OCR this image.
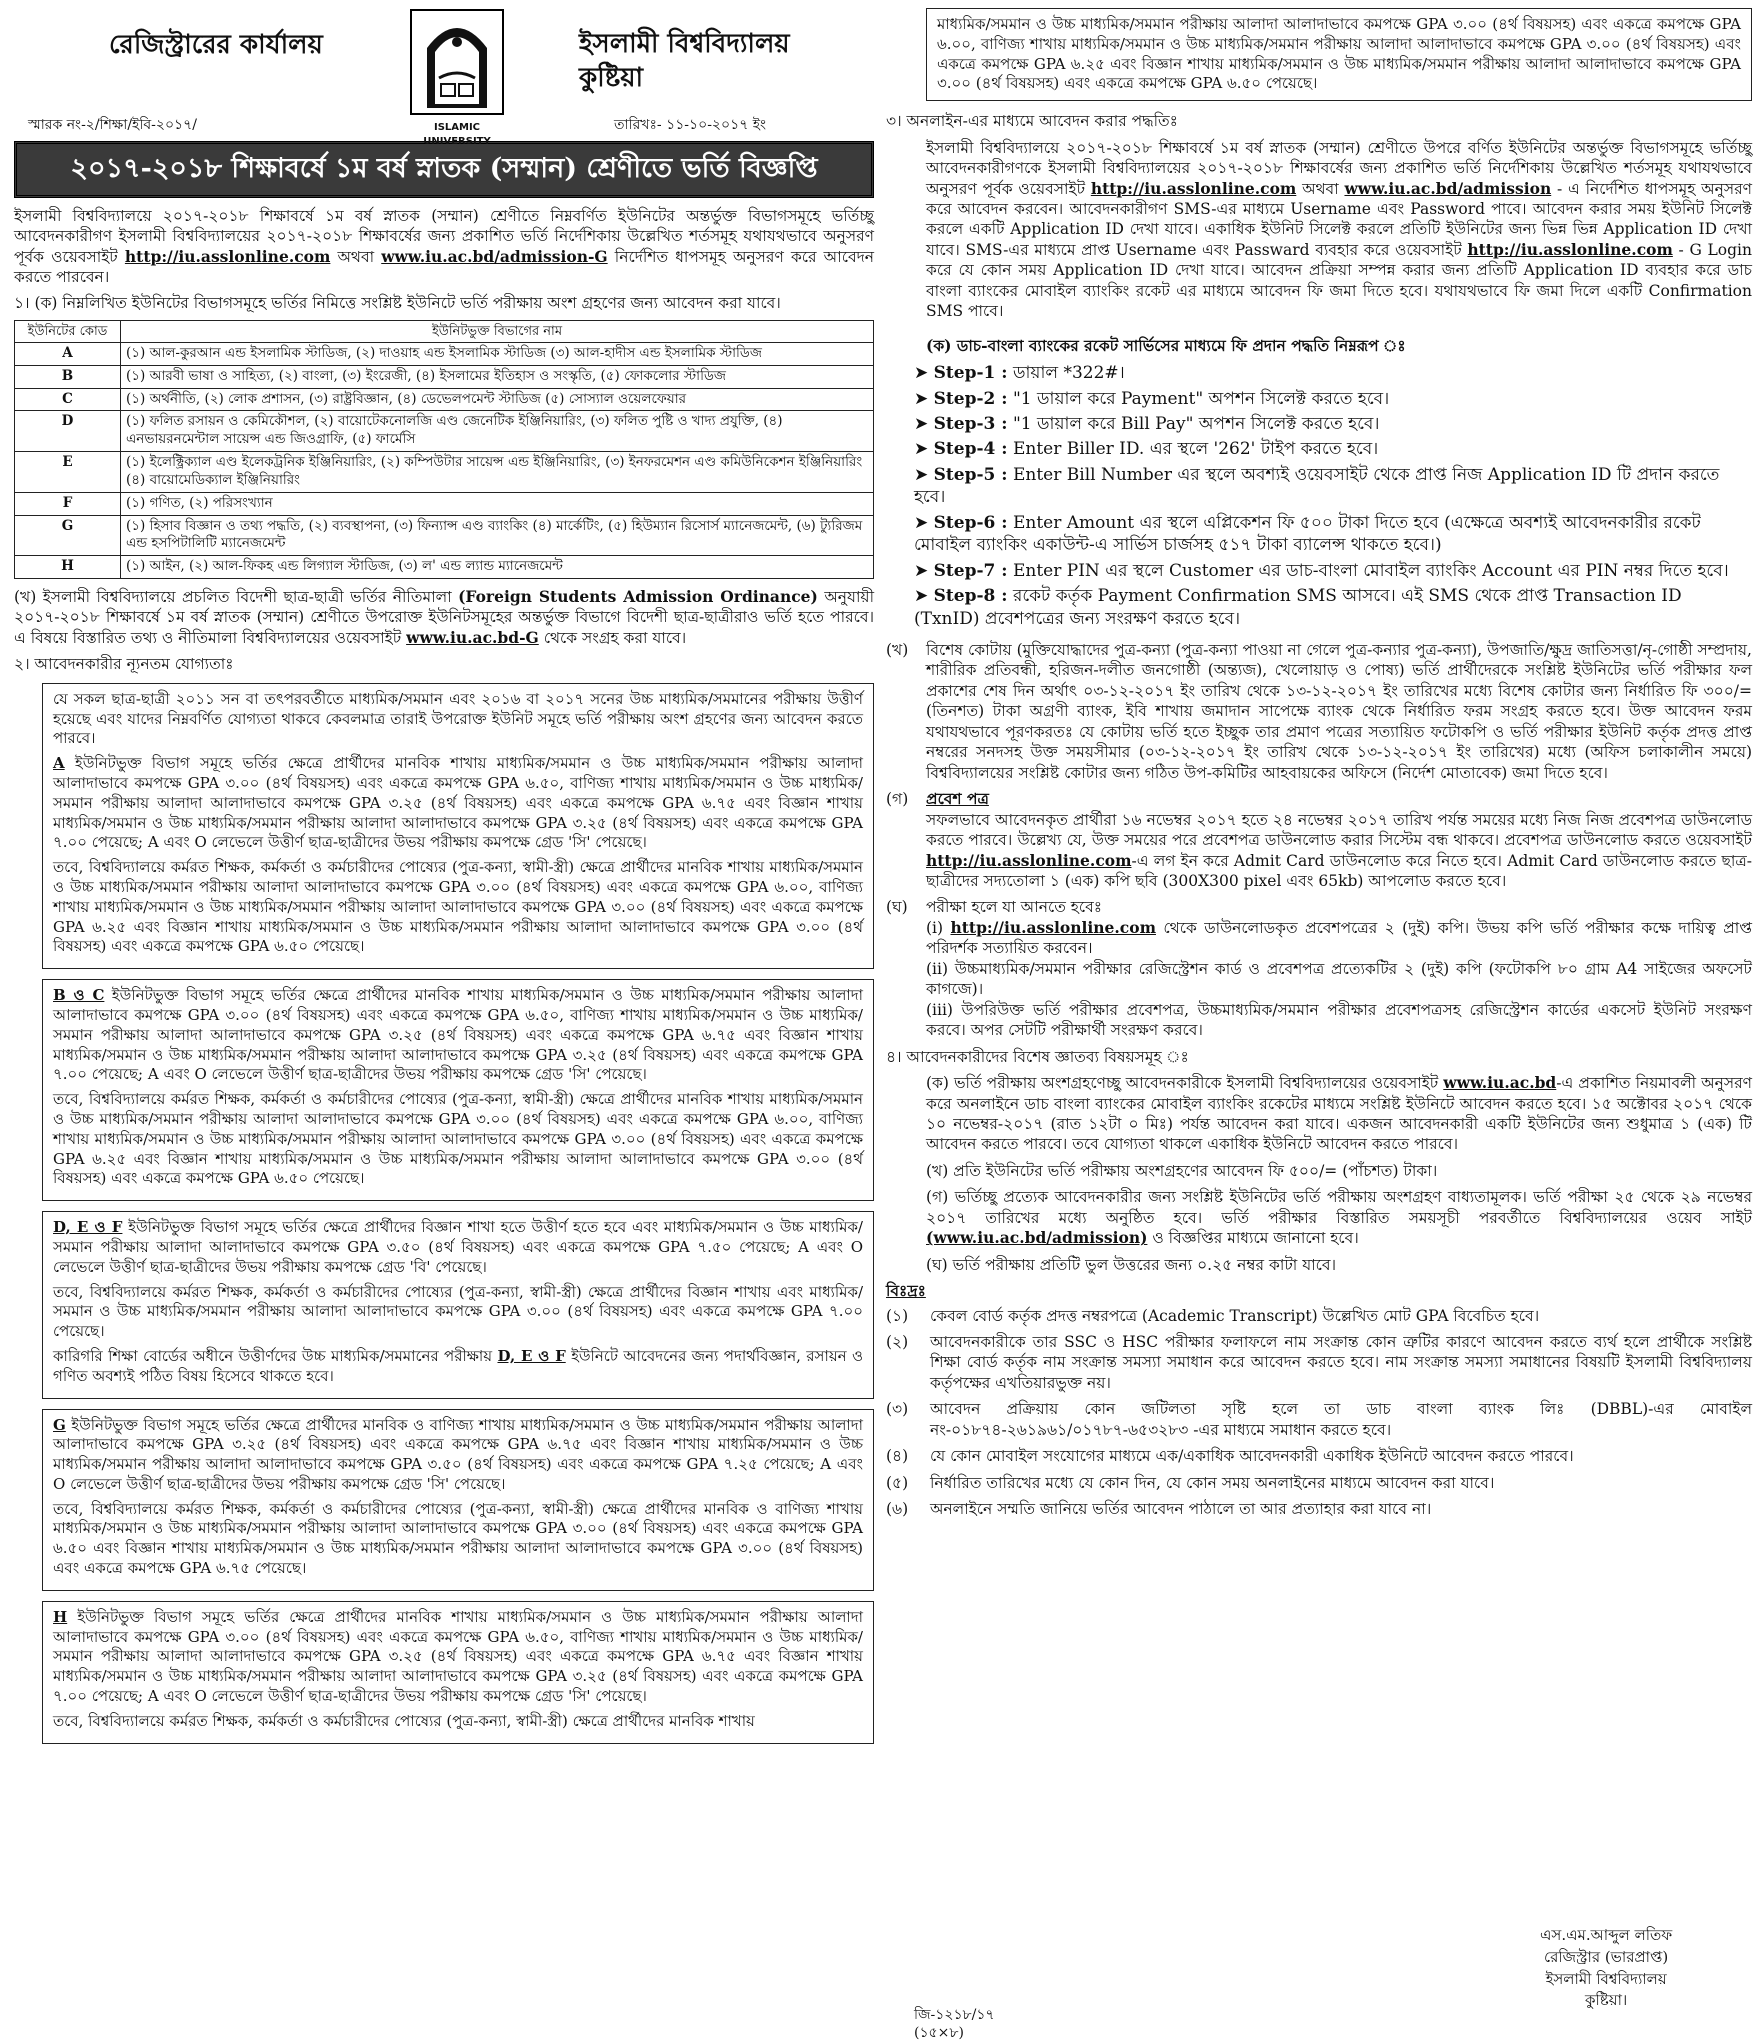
রেজিস্ট্রারের কার্যালয়
ISLAMIC UNIVERSITY
ইসলামী বিশ্ববিদ্যালয়
কুষ্টিয়া
স্মারক নং-২/শিক্ষা/ইবি-২০১৭/	তারিখঃ- ১১-১০-২০১৭ ইং
২০১৭-২০১৮ শিক্ষাবর্ষে ১ম বর্ষ স্নাতক (সম্মান) শ্রেণীতে ভর্তি বিজ্ঞপ্তি

ইসলামী বিশ্ববিদ্যালয়ে ২০১৭-২০১৮ শিক্ষাবর্ষে ১ম বর্ষ স্নাতক (সম্মান) শ্রেণীতে নিম্নবর্ণিত ইউনিটের অন্তর্ভুক্ত বিভাগসমূহে ভর্তিচ্ছু আবেদনকারীগণ ইসলামী বিশ্ববিদ্যালয়ের ২০১৭-২০১৮ শিক্ষাবর্ষের জন্য প্রকাশিত ভর্তি নির্দেশিকায় উল্লেখিত শর্তসমূহ যথাযথভাবে অনুসরণ পূর্বক ওয়েবসাইট http://iu.asslonline.com অথবা www.iu.ac.bd/admission-G নির্দেশিত ধাপসমূহ অনুসরণ করে আবেদন করতে পারবেন।

১। (ক) নিম্নলিখিত ইউনিটের বিভাগসমূহে ভর্তির নিমিত্তে সংশ্লিষ্ট ইউনিটে ভর্তি পরীক্ষায় অংশ গ্রহণের জন্য আবেদন করা যাবে।

ইউনিটের কোড	ইউনিটভুক্ত বিভাগের নাম
A	(১) আল-কুরআন এন্ড ইসলামিক স্টাডিজ, (২) দাওয়াহ এন্ড ইসলামিক স্টাডিজ (৩) আল-হাদীস এন্ড ইসলামিক স্টাডিজ
B	(১) আরবী ভাষা ও সাহিত্য, (২) বাংলা, (৩) ইংরেজী, (৪) ইসলামের ইতিহাস ও সংস্কৃতি, (৫) ফোকলোর স্টাডিজ
C	(১) অর্থনীতি, (২) লোক প্রশাসন, (৩) রাষ্ট্রবিজ্ঞান, (৪) ডেভেলপমেন্ট স্টাডিজ (৫) সোস্যাল ওয়েলফেয়ার
D	(১) ফলিত রসায়ন ও কেমিকৌশল, (২) বায়োটেকনোলজি এণ্ড জেনেটিক ইঞ্জিনিয়ারিং, (৩) ফলিত পুষ্টি ও খাদ্য প্রযুক্তি, (৪) এনভায়রনমেন্টাল সায়েন্স এন্ড জিওগ্রাফি, (৫) ফার্মেসি
E	(১) ইলেক্ট্রিক্যাল এণ্ড ইলেকট্রনিক ইঞ্জিনিয়ারিং, (২) কম্পিউটার সায়েন্স এন্ড ইঞ্জিনিয়ারিং, (৩) ইনফরমেশন এণ্ড কমিউনিকেশন ইঞ্জিনিয়ারিং (৪) বায়োমেডিক্যাল ইঞ্জিনিয়ারিং
F	(১) গণিত, (২) পরিসংখ্যান
G	(১) হিসাব বিজ্ঞান ও তথ্য পদ্ধতি, (২) ব্যবস্থাপনা, (৩) ফিন্যান্স এণ্ড ব্যাংকিং (৪) মার্কেটিং, (৫) হিউম্যান রিসোর্স ম্যানেজমেন্ট, (৬) ট্যুরিজম এন্ড হসপিটালিটি ম্যানেজমেন্ট
H	(১) আইন, (২) আল-ফিকহ এন্ড লিগ্যাল স্টাডিজ, (৩) ল' এন্ড ল্যান্ড ম্যানেজমেন্ট

(খ) ইসলামী বিশ্ববিদ্যালয়ে প্রচলিত বিদেশী ছাত্র-ছাত্রী ভর্তির নীতিমালা (Foreign Students Admission Ordinance) অনুযায়ী ২০১৭-২০১৮ শিক্ষাবর্ষে ১ম বর্ষ স্নাতক (সম্মান) শ্রেণীতে উপরোক্ত ইউনিটসমূহের অন্তর্ভুক্ত বিভাগে বিদেশী ছাত্র-ছাত্রীরাও ভর্তি হতে পারবে। এ বিষয়ে বিস্তারিত তথ্য ও নীতিমালা বিশ্ববিদ্যালয়ের ওয়েবসাইট www.iu.ac.bd-G থেকে সংগ্রহ করা যাবে।

২। আবেদনকারীর ন্যূনতম যোগ্যতাঃ

যে সকল ছাত্র-ছাত্রী ২০১১ সন বা তৎপরবর্তীতে মাধ্যমিক/সমমান এবং ২০১৬ বা ২০১৭ সনের উচ্চ মাধ্যমিক/সমমানের পরীক্ষায় উত্তীর্ণ হয়েছে এবং যাদের নিম্নবর্ণিত যোগ্যতা থাকবে কেবলমাত্র তারাই উপরোক্ত ইউনিট সমূহে ভর্তি পরীক্ষায় অংশ গ্রহণের জন্য আবেদন করতে পারবে।

A ইউনিটভুক্ত বিভাগ সমূহে ভর্তির ক্ষেত্রে প্রার্থীদের মানবিক শাখায় মাধ্যমিক/সমমান ও উচ্চ মাধ্যমিক/সমমান পরীক্ষায় আলাদা আলাদাভাবে কমপক্ষে GPA ৩.০০ (৪র্থ বিষয়সহ) এবং একত্রে কমপক্ষে GPA ৬.৫০, বাণিজ্য শাখায় মাধ্যমিক/সমমান ও উচ্চ মাধ্যমিক/সমমান পরীক্ষায় আলাদা আলাদাভাবে কমপক্ষে GPA ৩.২৫ (৪র্থ বিষয়সহ) এবং একত্রে কমপক্ষে GPA ৬.৭৫ এবং বিজ্ঞান শাখায় মাধ্যমিক/সমমান ও উচ্চ মাধ্যমিক/সমমান পরীক্ষায় আলাদা আলাদাভাবে কমপক্ষে GPA ৩.২৫ (৪র্থ বিষয়সহ) এবং একত্রে কমপক্ষে GPA ৭.০০ পেয়েছে; A এবং O লেভেলে উত্তীর্ণ ছাত্র-ছাত্রীদের উভয় পরীক্ষায় কমপক্ষে গ্রেড 'সি' পেয়েছে।

তবে, বিশ্ববিদ্যালয়ে কর্মরত শিক্ষক, কর্মকর্তা ও কর্মচারীদের পোষ্যের (পুত্র-কন্যা, স্বামী-স্ত্রী) ক্ষেত্রে প্রার্থীদের মানবিক শাখায় মাধ্যমিক/সমমান ও উচ্চ মাধ্যমিক/সমমান পরীক্ষায় আলাদা আলাদাভাবে কমপক্ষে GPA ৩.০০ (৪র্থ বিষয়সহ) এবং একত্রে কমপক্ষে GPA ৬.০০, বাণিজ্য শাখায় মাধ্যমিক/সমমান ও উচ্চ মাধ্যমিক/সমমান পরীক্ষায় আলাদা আলাদাভাবে কমপক্ষে GPA ৩.০০ (৪র্থ বিষয়সহ) এবং একত্রে কমপক্ষে GPA ৬.২৫ এবং বিজ্ঞান শাখায় মাধ্যমিক/সমমান ও উচ্চ মাধ্যমিক/সমমান পরীক্ষায় আলাদা আলাদাভাবে কমপক্ষে GPA ৩.০০ (৪র্থ বিষয়সহ) এবং একত্রে কমপক্ষে GPA ৬.৫০ পেয়েছে।

B ও C ইউনিটভুক্ত বিভাগ সমূহে ভর্তির ক্ষেত্রে প্রার্থীদের মানবিক শাখায় মাধ্যমিক/সমমান ও উচ্চ মাধ্যমিক/সমমান পরীক্ষায় আলাদা আলাদাভাবে কমপক্ষে GPA ৩.০০ (৪র্থ বিষয়সহ) এবং একত্রে কমপক্ষে GPA ৬.৫০, বাণিজ্য শাখায় মাধ্যমিক/সমমান ও উচ্চ মাধ্যমিক/সমমান পরীক্ষায় আলাদা আলাদাভাবে কমপক্ষে GPA ৩.২৫ (৪র্থ বিষয়সহ) এবং একত্রে কমপক্ষে GPA ৬.৭৫ এবং বিজ্ঞান শাখায় মাধ্যমিক/সমমান ও উচ্চ মাধ্যমিক/সমমান পরীক্ষায় আলাদা আলাদাভাবে কমপক্ষে GPA ৩.২৫ (৪র্থ বিষয়সহ) এবং একত্রে কমপক্ষে GPA ৭.০০ পেয়েছে; A এবং O লেভেলে উত্তীর্ণ ছাত্র-ছাত্রীদের উভয় পরীক্ষায় কমপক্ষে গ্রেড 'সি' পেয়েছে।

তবে, বিশ্ববিদ্যালয়ে কর্মরত শিক্ষক, কর্মকর্তা ও কর্মচারীদের পোষ্যের (পুত্র-কন্যা, স্বামী-স্ত্রী) ক্ষেত্রে প্রার্থীদের মানবিক শাখায় মাধ্যমিক/সমমান ও উচ্চ মাধ্যমিক/সমমান পরীক্ষায় আলাদা আলাদাভাবে কমপক্ষে GPA ৩.০০ (৪র্থ বিষয়সহ) এবং একত্রে কমপক্ষে GPA ৬.০০, বাণিজ্য শাখায় মাধ্যমিক/সমমান ও উচ্চ মাধ্যমিক/সমমান পরীক্ষায় আলাদা আলাদাভাবে কমপক্ষে GPA ৩.০০ (৪র্থ বিষয়সহ) এবং একত্রে কমপক্ষে GPA ৬.২৫ এবং বিজ্ঞান শাখায় মাধ্যমিক/সমমান ও উচ্চ মাধ্যমিক/সমমান পরীক্ষায় আলাদা আলাদাভাবে কমপক্ষে GPA ৩.০০ (৪র্থ বিষয়সহ) এবং একত্রে কমপক্ষে GPA ৬.৫০ পেয়েছে।

D, E ও F ইউনিটভুক্ত বিভাগ সমূহে ভর্তির ক্ষেত্রে প্রার্থীদের বিজ্ঞান শাখা হতে উত্তীর্ণ হতে হবে এবং মাধ্যমিক/সমমান ও উচ্চ মাধ্যমিক/সমমান পরীক্ষায় আলাদা আলাদাভাবে কমপক্ষে GPA ৩.৫০ (৪র্থ বিষয়সহ) এবং একত্রে কমপক্ষে GPA ৭.৫০ পেয়েছে; A এবং O লেভেলে উত্তীর্ণ ছাত্র-ছাত্রীদের উভয় পরীক্ষায় কমপক্ষে গ্রেড 'বি' পেয়েছে।

তবে, বিশ্ববিদ্যালয়ে কর্মরত শিক্ষক, কর্মকর্তা ও কর্মচারীদের পোষ্যের (পুত্র-কন্যা, স্বামী-স্ত্রী) ক্ষেত্রে প্রার্থীদের বিজ্ঞান শাখায় এবং মাধ্যমিক/সমমান ও উচ্চ মাধ্যমিক/সমমান পরীক্ষায় আলাদা আলাদাভাবে কমপক্ষে GPA ৩.০০ (৪র্থ বিষয়সহ) এবং একত্রে কমপক্ষে GPA ৭.০০ পেয়েছে।

কারিগরি শিক্ষা বোর্ডের অধীনে উত্তীর্ণদের উচ্চ মাধ্যমিক/সমমানের পরীক্ষায় D, E ও F ইউনিটে আবেদনের জন্য পদার্থবিজ্ঞান, রসায়ন ও গণিত অবশ্যই পঠিত বিষয় হিসেবে থাকতে হবে।

G ইউনিটভুক্ত বিভাগ সমূহে ভর্তির ক্ষেত্রে প্রার্থীদের মানবিক ও বাণিজ্য শাখায় মাধ্যমিক/সমমান ও উচ্চ মাধ্যমিক/সমমান পরীক্ষায় আলাদা আলাদাভাবে কমপক্ষে GPA ৩.২৫ (৪র্থ বিষয়সহ) এবং একত্রে কমপক্ষে GPA ৬.৭৫ এবং বিজ্ঞান শাখায় মাধ্যমিক/সমমান ও উচ্চ মাধ্যমিক/সমমান পরীক্ষায় আলাদা আলাদাভাবে কমপক্ষে GPA ৩.৫০ (৪র্থ বিষয়সহ) এবং একত্রে কমপক্ষে GPA ৭.২৫ পেয়েছে; A এবং O লেভেলে উত্তীর্ণ ছাত্র-ছাত্রীদের উভয় পরীক্ষায় কমপক্ষে গ্রেড 'সি' পেয়েছে।

তবে, বিশ্ববিদ্যালয়ে কর্মরত শিক্ষক, কর্মকর্তা ও কর্মচারীদের পোষ্যের (পুত্র-কন্যা, স্বামী-স্ত্রী) ক্ষেত্রে প্রার্থীদের মানবিক ও বাণিজ্য শাখায় মাধ্যমিক/সমমান ও উচ্চ মাধ্যমিক/সমমান পরীক্ষায় আলাদা আলাদাভাবে কমপক্ষে GPA ৩.০০ (৪র্থ বিষয়সহ) এবং একত্রে কমপক্ষে GPA ৬.৫০ এবং বিজ্ঞান শাখায় মাধ্যমিক/সমমান ও উচ্চ মাধ্যমিক/সমমান পরীক্ষায় আলাদা আলাদাভাবে কমপক্ষে GPA ৩.০০ (৪র্থ বিষয়সহ) এবং একত্রে কমপক্ষে GPA ৬.৭৫ পেয়েছে।

H ইউনিটভুক্ত বিভাগ সমূহে ভর্তির ক্ষেত্রে প্রার্থীদের মানবিক শাখায় মাধ্যমিক/সমমান ও উচ্চ মাধ্যমিক/সমমান পরীক্ষায় আলাদা আলাদাভাবে কমপক্ষে GPA ৩.০০ (৪র্থ বিষয়সহ) এবং একত্রে কমপক্ষে GPA ৬.৫০, বাণিজ্য শাখায় মাধ্যমিক/সমমান ও উচ্চ মাধ্যমিক/সমমান পরীক্ষায় আলাদা আলাদাভাবে কমপক্ষে GPA ৩.২৫ (৪র্থ বিষয়সহ) এবং একত্রে কমপক্ষে GPA ৬.৭৫ এবং বিজ্ঞান শাখায় মাধ্যমিক/সমমান ও উচ্চ মাধ্যমিক/সমমান পরীক্ষায় আলাদা আলাদাভাবে কমপক্ষে GPA ৩.২৫ (৪র্থ বিষয়সহ) এবং একত্রে কমপক্ষে GPA ৭.০০ পেয়েছে; A এবং O লেভেলে উত্তীর্ণ ছাত্র-ছাত্রীদের উভয় পরীক্ষায় কমপক্ষে গ্রেড 'সি' পেয়েছে।

তবে, বিশ্ববিদ্যালয়ে কর্মরত শিক্ষক, কর্মকর্তা ও কর্মচারীদের পোষ্যের (পুত্র-কন্যা, স্বামী-স্ত্রী) ক্ষেত্রে প্রার্থীদের মানবিক শাখায়

জি-১২১৮/১৭ (১৫×৮)
মাধ্যমিক/সমমান ও উচ্চ মাধ্যমিক/সমমান পরীক্ষায় আলাদা আলাদাভাবে কমপক্ষে GPA ৩.০০ (৪র্থ বিষয়সহ) এবং একত্রে কমপক্ষে GPA ৬.০০, বাণিজ্য শাখায় মাধ্যমিক/সমমান ও উচ্চ মাধ্যমিক/সমমান পরীক্ষায় আলাদা আলাদাভাবে কমপক্ষে GPA ৩.০০ (৪র্থ বিষয়সহ) এবং একত্রে কমপক্ষে GPA ৬.২৫ এবং বিজ্ঞান শাখায় মাধ্যমিক/সমমান ও উচ্চ মাধ্যমিক/সমমান পরীক্ষায় আলাদা আলাদাভাবে কমপক্ষে GPA ৩.০০ (৪র্থ বিষয়সহ) এবং একত্রে কমপক্ষে GPA ৬.৫০ পেয়েছে।

৩। অনলাইন-এর মাধ্যমে আবেদন করার পদ্ধতিঃ

ইসলামী বিশ্ববিদ্যালয়ে ২০১৭-২০১৮ শিক্ষাবর্ষে ১ম বর্ষ স্নাতক (সম্মান) শ্রেণীতে উপরে বর্ণিত ইউনিটের অন্তর্ভুক্ত বিভাগসমূহে ভর্তিচ্ছু আবেদনকারীগণকে ইসলামী বিশ্ববিদ্যালয়ের ২০১৭-২০১৮ শিক্ষাবর্ষের জন্য প্রকাশিত ভর্তি নির্দেশিকায় উল্লেখিত শর্তসমূহ যথাযথভাবে অনুসরণ পূর্বক ওয়েবসাইট http://iu.asslonline.com অথবা www.iu.ac.bd/admission - এ নির্দেশিত ধাপসমূহ অনুসরণ করে আবেদন করবেন। আবেদনকারীগণ SMS-এর মাধ্যমে Username এবং Password পাবে। আবেদন করার সময় ইউনিট সিলেক্ট করলে একটি Application ID দেখা যাবে। একাধিক ইউনিট সিলেক্ট করলে প্রতিটি ইউনিটের জন্য ভিন্ন ভিন্ন Application ID দেখা যাবে। SMS-এর মাধ্যমে প্রাপ্ত Username এবং Passward ব্যবহার করে ওয়েবসাইট http://iu.asslonline.com - G Login করে যে কোন সময় Application ID দেখা যাবে। আবেদন প্রক্রিয়া সম্পন্ন করার জন্য প্রতিটি Application ID ব্যবহার করে ডাচ বাংলা ব্যাংকের মোবাইল ব্যাংকিং রকেট এর মাধ্যমে আবেদন ফি জমা দিতে হবে। যথাযথভাবে ফি জমা দিলে একটি Confirmation SMS পাবে।

(ক) ডাচ-বাংলা ব্যাংকের রকেট সার্ভিসের মাধ্যমে ফি প্রদান পদ্ধতি নিম্নরূপ ঃ

➤ Step-1 : ডায়াল *322#।
➤ Step-2 : "1 ডায়াল করে Payment" অপশন সিলেক্ট করতে হবে।
➤ Step-3 : "1 ডায়াল করে Bill Pay" অপশন সিলেক্ট করতে হবে।
➤ Step-4 : Enter Biller ID. এর স্থলে '262' টাইপ করতে হবে।
➤ Step-5 : Enter Bill Number এর স্থলে অবশ্যই ওয়েবসাইট থেকে প্রাপ্ত নিজ Application ID টি প্রদান করতে হবে।
➤ Step-6 : Enter Amount এর স্থলে এপ্লিকেশন ফি ৫০০ টাকা দিতে হবে (এক্ষেত্রে অবশ্যই আবেদনকারীর রকেট মোবাইল ব্যাংকিং একাউন্ট-এ সার্ভিস চার্জসহ ৫১৭ টাকা ব্যালেন্স থাকতে হবে।)
➤ Step-7 : Enter PIN এর স্থলে Customer এর ডাচ-বাংলা মোবাইল ব্যাংকিং Account এর PIN নম্বর দিতে হবে।
➤ Step-8 : রকেট কর্তৃক Payment Confirmation SMS আসবে। এই SMS থেকে প্রাপ্ত Transaction ID (TxnID) প্রবেশপত্রের জন্য সংরক্ষণ করতে হবে।
(খ)	বিশেষ কোটায় (মুক্তিযোদ্ধাদের পুত্র-কন্যা (পুত্র-কন্যা পাওয়া না গেলে পুত্র-কন্যার পুত্র-কন্যা), উপজাতি/ক্ষুদ্র জাতিসত্তা/নৃ-গোষ্ঠী সম্প্রদায়, শারীরিক প্রতিবন্ধী, হরিজন-দলীত জনগোষ্ঠী (অন্ত্যজ), খেলোয়াড় ও পোষ্য) ভর্তি প্রার্থীদেরকে সংশ্লিষ্ট ইউনিটের ভর্তি পরীক্ষার ফল প্রকাশের শেষ দিন অর্থাৎ ০৩-১২-২০১৭ ইং তারিখ থেকে ১৩-১২-২০১৭ ইং তারিখের মধ্যে বিশেষ কোটার জন্য নির্ধারিত ফি ৩০০/=(তিনশত) টাকা অগ্রণী ব্যাংক, ইবি শাখায় জমাদান সাপেক্ষে ব্যাংক থেকে নির্ধারিত ফরম সংগ্রহ করতে হবে। উক্ত আবেদন ফরম যথাযথভাবে পূরণকরতঃ যে কোটায় ভর্তি হতে ইচ্ছুক তার প্রমাণ পত্রের সত্যায়িত ফটোকপি ও ভর্তি পরীক্ষার ইউনিট কর্তৃক প্রদত্ত প্রাপ্ত নম্বরের সনদসহ উক্ত সময়সীমার (০৩-১২-২০১৭ ইং তারিখ থেকে ১৩-১২-২০১৭ ইং তারিখের) মধ্যে (অফিস চলাকালীন সময়ে) বিশ্ববিদ্যালয়ের সংশ্লিষ্ট কোটার জন্য গঠিত উপ-কমিটির আহবায়কের অফিসে (নির্দেশ মোতাবেক) জমা দিতে হবে।
(গ)	প্রবেশ পত্র
সফলভাবে আবেদনকৃত প্রার্থীরা ১৬ নভেম্বর ২০১৭ হতে ২৪ নভেম্বর ২০১৭ তারিখ পর্যন্ত সময়ের মধ্যে নিজ নিজ প্রবেশপত্র ডাউনলোড করতে পারবে। উল্লেখ্য যে, উক্ত সময়ের পরে প্রবেশপত্র ডাউনলোড করার সিস্টেম বন্ধ থাকবে। প্রবেশপত্র ডাউনলোড করতে ওয়েবসাইট http://iu.asslonline.com-এ লগ ইন করে Admit Card ডাউনলোড করে নিতে হবে। Admit Card ডাউনলোড করতে ছাত্র-ছাত্রীদের সদ্যতোলা ১ (এক) কপি ছবি (300X300 pixel এবং 65kb) আপলোড করতে হবে।
(ঘ)	পরীক্ষা হলে যা আনতে হবেঃ
(i) http://iu.asslonline.com থেকে ডাউনলোডকৃত প্রবেশপত্রের ২ (দুই) কপি। উভয় কপি ভর্তি পরীক্ষার কক্ষে দায়িত্ব প্রাপ্ত পরিদর্শক সত্যায়িত করবেন।
(ii) উচ্চমাধ্যমিক/সমমান পরীক্ষার রেজিস্ট্রেশন কার্ড ও প্রবেশপত্র প্রত্যেকটির ২ (দুই) কপি (ফটোকপি ৮০ গ্রাম A4 সাইজের অফসেট কাগজে)।
(iii) উপরিউক্ত ভর্তি পরীক্ষার প্রবেশপত্র, উচ্চমাধ্যমিক/সমমান পরীক্ষার প্রবেশপত্রসহ রেজিস্ট্রেশন কার্ডের একসেট ইউনিট সংরক্ষণ করবে। অপর সেটটি পরীক্ষার্থী সংরক্ষণ করবে।

৪। আবেদনকারীদের বিশেষ জ্ঞাতব্য বিষয়সমূহ ঃ

(ক) ভর্তি পরীক্ষায় অংশগ্রহণেচ্ছু আবেদনকারীকে ইসলামী বিশ্ববিদ্যালয়ের ওয়েবসাইট www.iu.ac.bd-এ প্রকাশিত নিয়মাবলী অনুসরণ করে অনলাইনে ডাচ বাংলা ব্যাংকের মোবাইল ব্যাংকিং রকেটের মাধ্যমে সংশ্লিষ্ট ইউনিটে আবেদন করতে হবে। ১৫ অক্টোবর ২০১৭ থেকে ১০ নভেম্বর-২০১৭ (রাত ১২টা ০ মিঃ) পর্যন্ত আবেদন করা যাবে। একজন আবেদনকারী একটি ইউনিটের জন্য শুধুমাত্র ১ (এক) টি আবেদন করতে পারবে। তবে যোগ্যতা থাকলে একাধিক ইউনিটে আবেদন করতে পারবে।

(খ) প্রতি ইউনিটের ভর্তি পরীক্ষায় অংশগ্রহণের আবেদন ফি ৫০০/= (পাঁচশত) টাকা।

(গ) ভর্তিচ্ছু প্রত্যেক আবেদনকারীর জন্য সংশ্লিষ্ট ইউনিটের ভর্তি পরীক্ষায় অংশগ্রহণ বাধ্যতামূলক। ভর্তি পরীক্ষা ২৫ থেকে ২৯ নভেম্বর ২০১৭ তারিখের মধ্যে অনুষ্ঠিত হবে। ভর্তি পরীক্ষার বিস্তারিত সময়সূচী পরবর্তীতে বিশ্ববিদ্যালয়ের ওয়েব সাইট (www.iu.ac.bd/admission) ও বিজ্ঞপ্তির মাধ্যমে জানানো হবে।

(ঘ) ভর্তি পরীক্ষায় প্রতিটি ভুল উত্তরের জন্য ০.২৫ নম্বর কাটা যাবে।

বিঃদ্রঃ
(১)	কেবল বোর্ড কর্তৃক প্রদত্ত নম্বরপত্রে (Academic Transcript) উল্লেখিত মোট GPA বিবেচিত হবে।
(২)	আবেদনকারীকে তার SSC ও HSC পরীক্ষার ফলাফলে নাম সংক্রান্ত কোন ত্রুটির কারণে আবেদন করতে ব্যর্থ হলে প্রার্থীকে সংশ্লিষ্ট শিক্ষা বোর্ড কর্তৃক নাম সংক্রান্ত সমস্যা সমাধান করে আবেদন করতে হবে। নাম সংক্রান্ত সমস্যা সমাধানের বিষয়টি ইসলামী বিশ্ববিদ্যালয় কর্তৃপক্ষের এখতিয়ারভুক্ত নয়।
(৩)	আবেদন প্রক্রিয়ায় কোন জটিলতা সৃষ্টি হলে তা ডাচ বাংলা ব্যাংক লিঃ (DBBL)-এর মোবাইল নং-০১৮৭৪-২৬১৯৬১/০১৭৮৭-৬৫৩২৮৩ -এর মাধ্যমে সমাধান করতে হবে।
(৪)	যে কোন মোবাইল সংযোগের মাধ্যমে এক/একাধিক আবেদনকারী একাধিক ইউনিটে আবেদন করতে পারবে।
(৫)	নির্ধারিত তারিখের মধ্যে যে কোন দিন, যে কোন সময় অনলাইনের মাধ্যমে আবেদন করা যাবে।
(৬)	অনলাইনে সম্মতি জানিয়ে ভর্তির আবেদন পাঠালে তা আর প্রত্যাহার করা যাবে না।
এস.এম.আব্দুল লতিফ
রেজিস্ট্রার (ভারপ্রাপ্ত)
ইসলামী বিশ্ববিদ্যালয়
কুষ্টিয়া।
